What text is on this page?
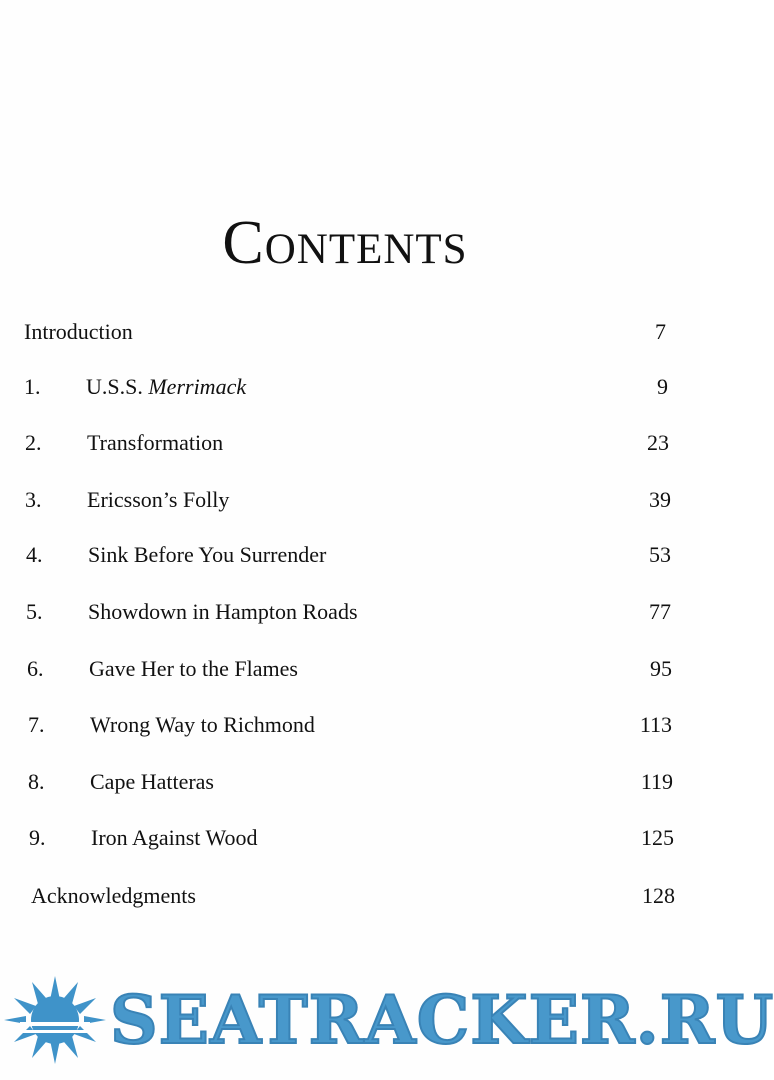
Contents
Introduction	7
1. U.S.S. Merrimack	9
2. Transformation	23
3. Ericsson’s Folly	39
4. Sink Before You Surrender	53
5. Showdown in Hampton Roads	77
6. Gave Her to the Flames	95
7. Wrong Way to Richmond	113
8. Cape Hatteras	119
9. Iron Against Wood	125
Acknowledgments	128
SEATRACKER.RU
